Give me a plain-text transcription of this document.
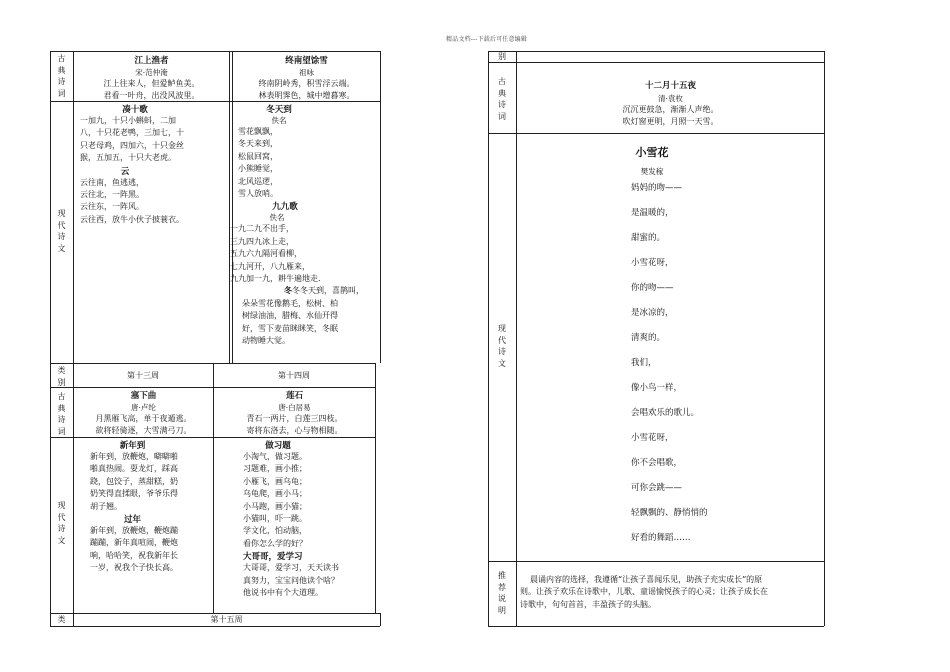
精品文档---下载后可任意编辑
古
典
诗
词
现
代
诗
文
类
别
古
典
诗
词
现
代
诗
文
类
江上渔者
宋·范仲淹
江上往来人，但爱鲈鱼美。
君看一叶舟，出没风波里。
终南望馀雪
祖咏
终南阴岭秀，积雪浮云端。
林表明霁色，城中增暮寒。
凑十歌
一加九，十只小蝌蚪，二加
八，十只花老鸭，三加七，十
只老母鸡，四加六，十只金丝
猴，五加五，十只大老虎。
云
云往南，鱼逃逃，
云往北，一阵黑。
云往东，一阵风。
云往西，放牛小伙子披蓑衣。
冬天到
佚名
雪花飘飘，
冬天来到，
松鼠回窝，
小熊睡觉，
北风巡逻，
雪人放哨。
九九歌
佚名
一九二九不出手，
三九四九冰上走，
五九六九隔河看柳，
七九河开，八九雁来，
九九加一九，耕牛遍地走.
冬冬冬天到，喜鹊叫，
朵朵雪花像鹅毛，松树、柏
树绿油油，腊梅、水仙开得
好，雪下麦苗眯眯笑，冬眠
动物睡大觉。
第十三周	第十四周
第十五周
塞下曲
唐·卢纶
月黑雁飞高，单于夜遁逃。
欲将轻骑逐，大雪满弓刀。
莲石
唐·白居易
青石一两片，白莲三四枝。
寄将东洛去，心与物相随。
新年到
新年到，放鞭炮，噼噼啪
啪真热闹。耍龙灯，踩高
跷，包饺子，蒸甜糕，奶
奶笑得直揉眼，爷爷乐得
胡子翘。
过年
新年到，放鞭炮，鞭炮蹦
蹦蹦，新年真喧闹，鞭炮
响，哈哈笑，祝我新年长
一岁，祝我个子快长高。
做习题
小淘气，做习题。
习题难，画小推；
小雁飞，画乌龟；
乌龟爬，画小马；
小马跑，画小猫；
小猫叫，吓一跳。
学文化，怕动脑，
看你怎么学的好？
大哥哥，爱学习
大哥哥，爱学习，天天读书
真努力，宝宝问他读个啥？
他说书中有个大道理。
别
古
典
诗
词
现
代
诗
文
推
荐
说
明
十二月十五夜
清·袁枚
沉沉更鼓急，渐渐人声绝。
吹灯窗更明，月照一天雪。
小雪花
樊发稼
妈妈的吻——
是温暖的，
甜蜜的。
小雪花呀，
你的吻——
是冰凉的，
清爽的。
我们，
像小鸟一样，
会唱欢乐的歌儿。
小雪花呀，
你不会唱歌，
可你会跳——
轻飘飘的、静悄悄的
好看的舞蹈……
晨诵内容的选择，我遵循“让孩子喜闻乐见，助孩子充实成长”的原
则。让孩子欢乐在诗歌中，儿歌、童谣愉悦孩子的心灵；让孩子成长在
诗歌中，句句首首，丰盈孩子的头脑。
